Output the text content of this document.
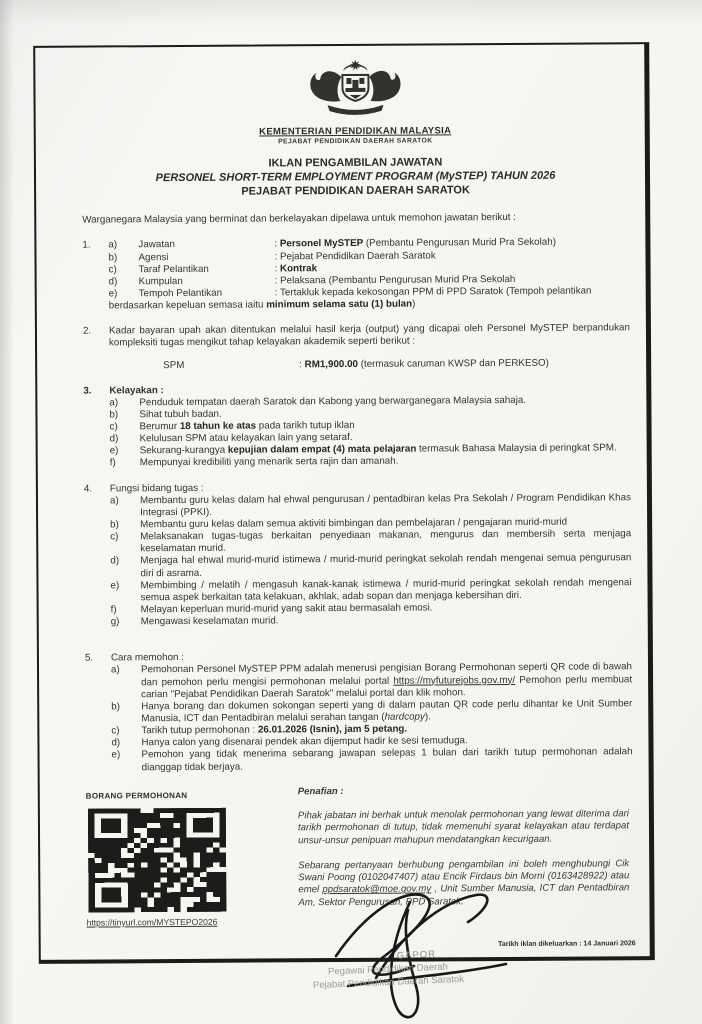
KEMENTERIAN PENDIDIKAN MALAYSIA
PEJABAT PENDIDIKAN DAERAH SARATOK
IKLAN PENGAMBILAN JAWATAN
PERSONEL SHORT-TERM EMPLOYMENT PROGRAM (MySTEP) TAHUN 2026
PEJABAT PENDIDIKAN DAERAH SARATOK

Warganegara Malaysia yang berminat dan berkelayakan dipelawa untuk memohon jawatan berikut :

1.	a)	Jawatan	: Personel MySTEP (Pembantu Pengurusan Murid Pra Sekolah)
b)	Agensi	: Pejabat Pendidikan Daerah Saratok
c)	Taraf Pelantikan	: Kontrak
d)	Kumpulan	: Pelaksana (Pembantu Pengurusan Murid Pra Sekolah
e)	Tempoh Pelantikan	: Tertakluk kepada kekosongan PPM di PPD Saratok (Tempoh pelantikan
berdasarkan kepeluan semasa iaitu minimum selama satu (1) bulan)
2.	Kadar bayaran upah akan ditentukan melalui hasil kerja (output) yang dicapai oleh Personel MySTEP berpandukan kompleksiti tugas mengikut tahap kelayakan akademik seperti berikut :

SPM	: RM1,900.00 (termasuk caruman KWSP dan PERKESO)
3.	Kelayakan :
a)	Penduduk tempatan daerah Saratok dan Kabong yang berwarganegara Malaysia sahaja.

b)	Sihat tubuh badan.

c)	Berumur 18 tahun ke atas pada tarikh tutup iklan

d)	Kelulusan SPM atau kelayakan lain yang setaraf.

e)	Sekurang-kurangya kepujian dalam empat (4) mata pelajaran termasuk Bahasa Malaysia di peringkat SPM.

f)	Mempunyai kredibiliti yang menarik serta rajin dan amanah.

4.	Fungsi bidang tugas :
a)	Membantu guru kelas dalam hal ehwal pengurusan / pentadbiran kelas Pra Sekolah / Program Pendidikan Khas Integrasi (PPKI).

b)	Membantu guru kelas dalam semua aktiviti bimbingan dan pembelajaran / pengajaran murid-murid

c)	Melaksanakan tugas-tugas berkaitan penyediaan makanan, mengurus dan membersih serta menjaga keselamatan murid.

d)	Menjaga hal ehwal murid-murid istimewa / murid-murid peringkat sekolah rendah mengenai semua pengurusan diri di asrama.

e)	Membimbing / melatih / mengasuh kanak-kanak istimewa / murid-murid peringkat sekolah rendah mengenai semua aspek berkaitan tata kelakuan, akhlak, adab sopan dan menjaga kebersihan diri.

f)	Melayan keperluan murid-murid yang sakit atau bermasalah emosi.

g)	Mengawasi keselamatan murid.

5.	Cara memohon :
a)	Pemohonan Personel MySTEP PPM adalah menerusi pengisian Borang Permohonan seperti QR code di bawah dan pemohon perlu mengisi permohonan melalui portal https://myfuturejobs.gov.my/ Pemohon perlu membuat carian "Pejabat Pendidikan Daerah Saratok" melalui portal dan klik mohon.

b)	Hanya borang dan dokumen sokongan seperti yang di dalam pautan QR code perlu dihantar ke Unit Sumber Manusia, ICT dan Pentadbiran melalui serahan tangan (hardcopy).

c)	Tarikh tutup permohonan : 26.01.2026 (Isnin), jam 5 petang.

d)	Hanya calon yang disenarai pendek akan dijemput hadir ke sesi temuduga.

e)	Pemohon yang tidak menerima sebarang jawapan selepas 1 bulan dari tarikh tutup permohonan adalah dianggap tidak berjaya.

BORANG PERMOHONAN
https://tinyurl.com/MYSTEPO2026
Penafian :

Pihak jabatan ini berhak untuk menolak permohonan yang lewat diterima dari tarikh permohonan di tutup, tidak memenuhi syarat kelayakan atau terdapat unsur-unsur penipuan mahupun mendatangkan kecurigaan.

Sebarang pertanyaan berhubung pengambilan ini boleh menghubungi Cik Swani Poong (0102047407) atau Encik Firdaus bin Morni (0163428922) atau emel ppdsaratok@moe.gov.my , Unit Sumber Manusia, ICT dan Pentadbiran Am, Sektor Pengurusan, PPD Saratok.

Tarikh iklan dikeluarkan : 14 Januari 2026
GAPOR
Pegawai Pendidikan Daerah
Pejabat Pendidikan Daerah Saratok
